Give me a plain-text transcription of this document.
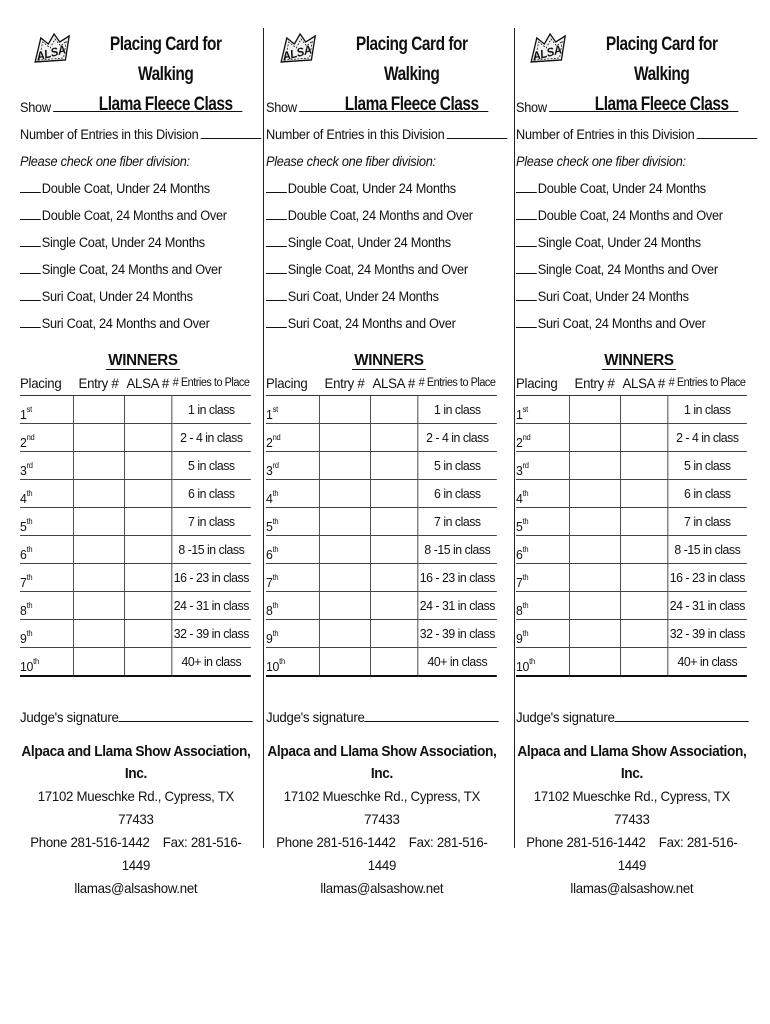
ALSA	Placing Card for Walking
Llama Fleece Class
Show
Number of Entries in this Division
Please check one fiber division:
Double Coat, Under 24 Months
Double Coat, 24 Months and Over
Single Coat, Under 24 Months
Single Coat, 24 Months and Over
Suri Coat, Under 24 Months
Suri Coat, 24 Months and Over
WINNERS
Placing	Entry #	ALSA #	# Entries to Place
1st			1 in class
2nd			2 - 4 in class
3rd			5 in class
4th			6 in class
5th			7 in class
6th			8 -15 in class
7th			16 - 23 in class
8th			24 - 31 in class
9th			32 - 39 in class
10th			40+ in class
Judge's signature
Alpaca and Llama Show Association, Inc.
17102 Mueschke Rd., Cypress, TX 77433
Phone 281-516-1442 Fax: 281-516-1449
llamas@alsashow.net
ALSA	Placing Card for Walking
Llama Fleece Class
Show
Number of Entries in this Division
Please check one fiber division:
Double Coat, Under 24 Months
Double Coat, 24 Months and Over
Single Coat, Under 24 Months
Single Coat, 24 Months and Over
Suri Coat, Under 24 Months
Suri Coat, 24 Months and Over
WINNERS
Placing	Entry #	ALSA #	# Entries to Place
1st			1 in class
2nd			2 - 4 in class
3rd			5 in class
4th			6 in class
5th			7 in class
6th			8 -15 in class
7th			16 - 23 in class
8th			24 - 31 in class
9th			32 - 39 in class
10th			40+ in class
Judge's signature
Alpaca and Llama Show Association, Inc.
17102 Mueschke Rd., Cypress, TX 77433
Phone 281-516-1442 Fax: 281-516-1449
llamas@alsashow.net
ALSA	Placing Card for Walking
Llama Fleece Class
Show
Number of Entries in this Division
Please check one fiber division:
Double Coat, Under 24 Months
Double Coat, 24 Months and Over
Single Coat, Under 24 Months
Single Coat, 24 Months and Over
Suri Coat, Under 24 Months
Suri Coat, 24 Months and Over
WINNERS
Placing	Entry #	ALSA #	# Entries to Place
1st			1 in class
2nd			2 - 4 in class
3rd			5 in class
4th			6 in class
5th			7 in class
6th			8 -15 in class
7th			16 - 23 in class
8th			24 - 31 in class
9th			32 - 39 in class
10th			40+ in class
Judge's signature
Alpaca and Llama Show Association, Inc.
17102 Mueschke Rd., Cypress, TX 77433
Phone 281-516-1442 Fax: 281-516-1449
llamas@alsashow.net
